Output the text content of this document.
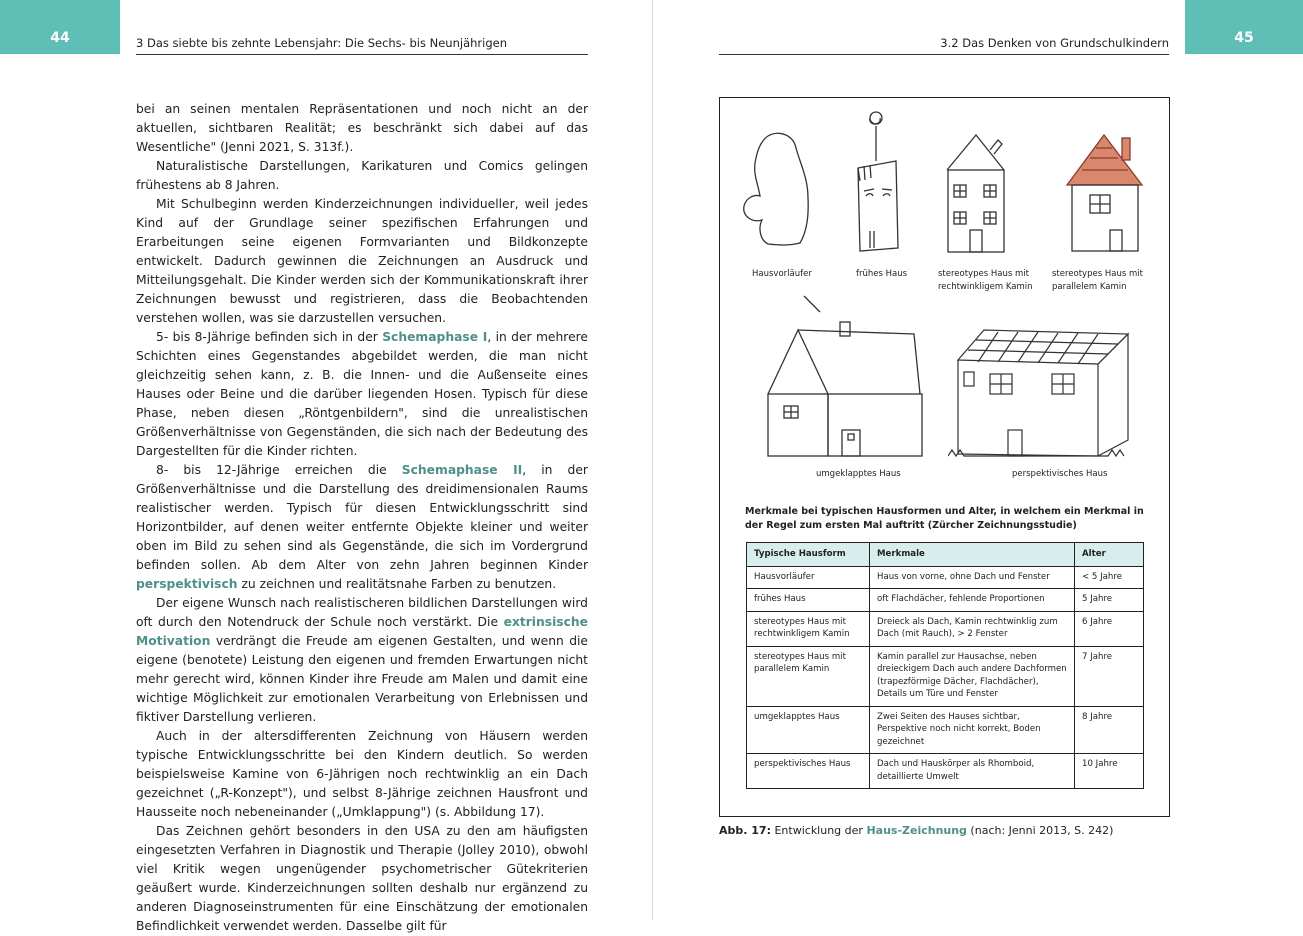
44	3 Das siebte bis zehnte Lebensjahr: Die Sechs- bis Neunjährigen

bei an seinen mentalen Repräsentationen und noch nicht an der aktuellen, sichtbaren Realität; es beschränkt sich dabei auf das Wesentliche" (Jenni 2021, S. 313f.).

Naturalistische Darstellungen, Karikaturen und Comics gelingen frühestens ab 8 Jahren.

Mit Schulbeginn werden Kinderzeichnungen individueller, weil jedes Kind auf der Grundlage seiner spezifischen Erfahrungen und Erarbeitungen seine eigenen Formvarianten und Bildkonzepte entwickelt. Dadurch gewinnen die Zeichnungen an Ausdruck und Mitteilungsgehalt. Die Kinder werden sich der Kommunikationskraft ihrer Zeichnungen bewusst und registrieren, dass die Beobachtenden verstehen wollen, was sie darzustellen versuchen.

5- bis 8-Jährige befinden sich in der Schemaphase I, in der mehrere Schichten eines Gegenstandes abgebildet werden, die man nicht gleichzeitig sehen kann, z. B. die Innen- und die Außenseite eines Hauses oder Beine und die darüber liegenden Hosen. Typisch für diese Phase, neben diesen „Röntgenbildern", sind die unrealistischen Größenverhältnisse von Gegenständen, die sich nach der Bedeutung des Dargestellten für die Kinder richten.

8- bis 12-Jährige erreichen die Schemaphase II, in der Größenverhältnisse und die Darstellung des dreidimensionalen Raums realistischer werden. Typisch für diesen Entwicklungsschritt sind Horizontbilder, auf denen weiter entfernte Objekte kleiner und weiter oben im Bild zu sehen sind als Gegenstände, die sich im Vordergrund befinden sollen. Ab dem Alter von zehn Jahren beginnen Kinder perspektivisch zu zeichnen und realitätsnahe Farben zu benutzen.

Der eigene Wunsch nach realistischeren bildlichen Darstellungen wird oft durch den Notendruck der Schule noch verstärkt. Die extrinsische Motivation verdrängt die Freude am eigenen Gestalten, und wenn die eigene (benotete) Leistung den eigenen und fremden Erwartungen nicht mehr gerecht wird, können Kinder ihre Freude am Malen und damit eine wichtige Möglichkeit zur emotionalen Verarbeitung von Erlebnissen und fiktiver Darstellung verlieren.

Auch in der altersdifferenten Zeichnung von Häusern werden typische Entwicklungsschritte bei den Kindern deutlich. So werden beispielsweise Kamine von 6-Jährigen noch rechtwinklig an ein Dach gezeichnet („R-Konzept"), und selbst 8-Jährige zeichnen Hausfront und Hausseite noch nebeneinander („Umklappung") (s. Abbildung 17).

Das Zeichnen gehört besonders in den USA zu den am häufigsten eingesetzten Verfahren in Diagnostik und Therapie (Jolley 2010), obwohl viel Kritik wegen ungenügender psychometrischer Gütekriterien geäußert wurde. Kinderzeichnungen sollten deshalb nur ergänzend zu anderen Diagnoseinstrumenten für eine Einschätzung der emotionalen Befindlichkeit verwendet werden. Dasselbe gilt für

45
3.2 Das Denken von Grundschulkindern
Hausvorläufer	frühes Haus	stereotypes Haus mit rechtwinkligem Kamin
stereotypes Haus mit parallelem Kamin
umgeklapptes Haus	perspektivisches Haus
Merkmale bei typischen Hausformen und Alter, in welchem ein Merkmal in der Regel zum ersten Mal auftritt (Zürcher Zeichnungsstudie)
Typische Hausform	Merkmale	Alter
Hausvorläufer	Haus von vorne, ohne Dach und Fenster	< 5 Jahre
frühes Haus	oft Flachdächer, fehlende Proportionen	5 Jahre
stereotypes Haus mit rechtwinkligem Kamin	Dreieck als Dach, Kamin rechtwinklig zum Dach (mit Rauch), > 2 Fenster	6 Jahre
stereotypes Haus mit parallelem Kamin	Kamin parallel zur Hausachse, neben dreieckigem Dach auch andere Dachformen (trapezförmige Dächer, Flachdächer), Details um Türe und Fenster	7 Jahre
umgeklapptes Haus	Zwei Seiten des Hauses sichtbar, Perspektive noch nicht korrekt, Boden gezeichnet	8 Jahre
perspektivisches Haus	Dach und Hauskörper als Rhomboid, detaillierte Umwelt	10 Jahre
Abb. 17: Entwicklung der Haus-Zeichnung (nach: Jenni 2013, S. 242)
